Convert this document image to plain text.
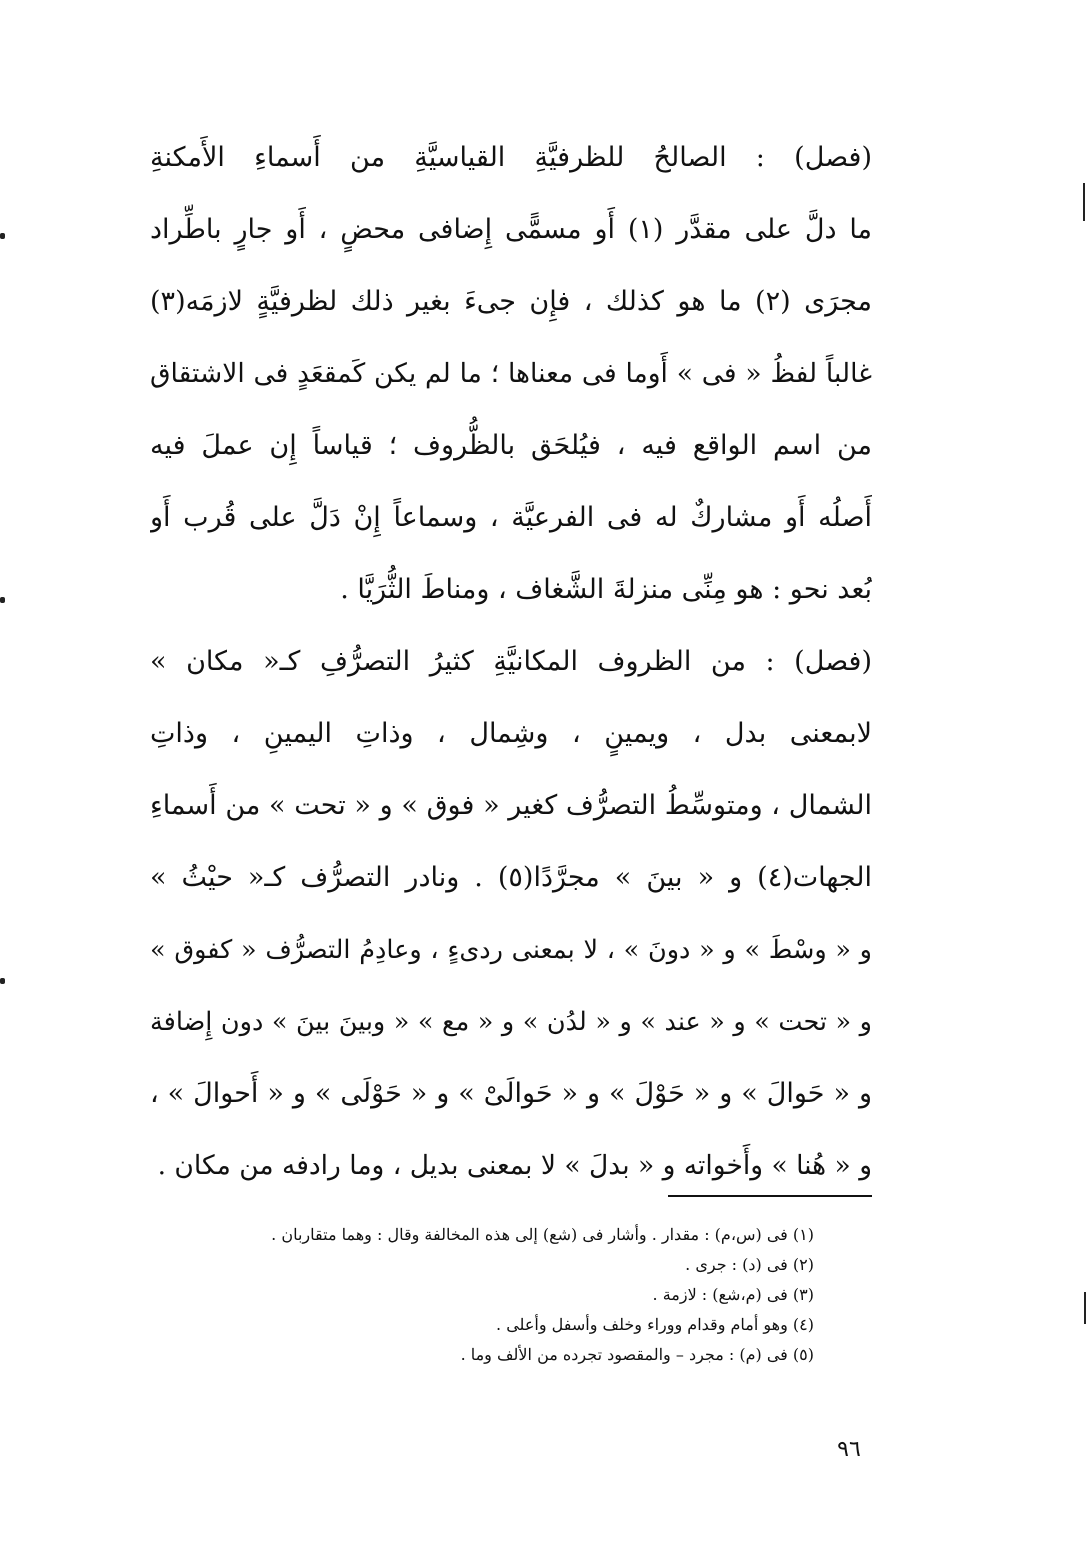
(فصل) : الصالحُ للظرفيَّةِ القياسيَّةِ من أَسماءِ الأَمكنةِ
ما دلَّ على مقدَّر (١) أَو مسمًّى إِضافى محضٍ ، أَو جارٍ باطِّراد
مجرَى (٢) ما هو كذلك ، فإِن جىءَ بغير ذلك لظرفيَّةٍ لازمَه(٣)
غالباً لفظُ « فى » أَوما فى معناها ؛ ما لم يكن كَمقعَدٍ فى الاشتقاق
من اسم الواقع فيه ، فيُلحَق بالظُّروف ؛ قياساً إِن عملَ فيه
أَصلُه أَو مشاركٌ له فى الفرعيَّة ، وسماعاً إِنْ دَلَّ على قُرب أَو
بُعد نحو : هو مِنِّى منزلةَ الشَّغاف ، ومناطَ الثُّرَيَّا .
(فصل) : من الظروف المكانيَّةِ كثيرُ التصرُّفِ كـ« مكان »
لابمعنى بدل ، ويمينٍ ، وشِمال ، وذاتِ اليمينِ ، وذاتِ
الشمال ، ومتوسِّطُ التصرُّف كغير « فوق » و « تحت » من أَسماءِ
الجهات(٤) و « بينَ » مجرَّدًا(٥) . ونادر التصرُّف كـ« حيْثُ »
و « وسْطَ » و « دونَ » ، لا بمعنى ردىءٍ ، وعادِمُ التصرُّف « كفوق »
و « تحت » و « عند » و « لدُن » و « مع » « وبينَ بينَ » دون إِضافة
و « حَوالَ » و « حَوْلَ » و « حَوالَىْ » و « حَوْلَى » و « أَحوالَ » ،
و « هُنا » وأَخواته و « بدلَ » لا بمعنى بديل ، وما رادفه من مكان .
(١) فى (س،م) : مقدار . وأشار فى (شع) إلى هذه المخالفة وقال : وهما متقاربان .
(٢) فى (د) : جرى .
(٣) فى (م،شع) : لازمة .
(٤) وهو أمام وقدام ووراء وخلف وأسفل وأعلى .
(٥) فى (م) : مجرد – والمقصود تجرده من الألف وما .
٩٦
